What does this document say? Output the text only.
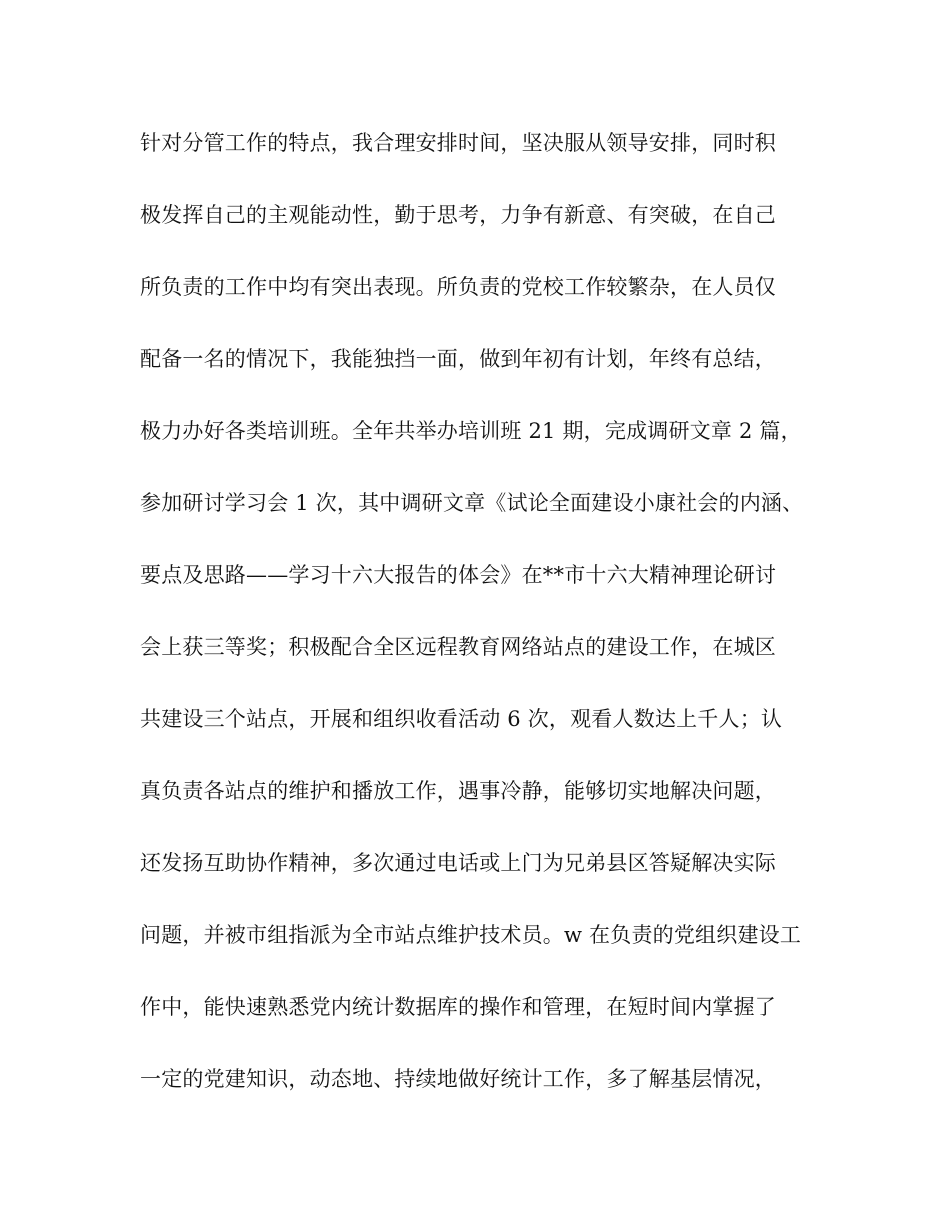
针对分管工作的特点，我合理安排时间，坚决服从领导安排，同时积

极发挥自己的主观能动性，勤于思考，力争有新意、有突破，在自己

所负责的工作中均有突出表现。所负责的党校工作较繁杂，在人员仅

配备一名的情况下，我能独挡一面，做到年初有计划，年终有总结，

极力办好各类培训班。全年共举办培训班 21 期，完成调研文章 2 篇，

参加研讨学习会 1 次，其中调研文章《试论全面建设小康社会的内涵、

要点及思路——学习十六大报告的体会》在**市十六大精神理论研讨

会上获三等奖；积极配合全区远程教育网络站点的建设工作，在城区

共建设三个站点，开展和组织收看活动 6 次，观看人数达上千人；认

真负责各站点的维护和播放工作，遇事冷静，能够切实地解决问题，

还发扬互助协作精神，多次通过电话或上门为兄弟县区答疑解决实际

问题，并被市组指派为全市站点维护技术员。w 在负责的党组织建设工

作中，能快速熟悉党内统计数据库的操作和管理，在短时间内掌握了

一定的党建知识，动态地、持续地做好统计工作，多了解基层情况，
